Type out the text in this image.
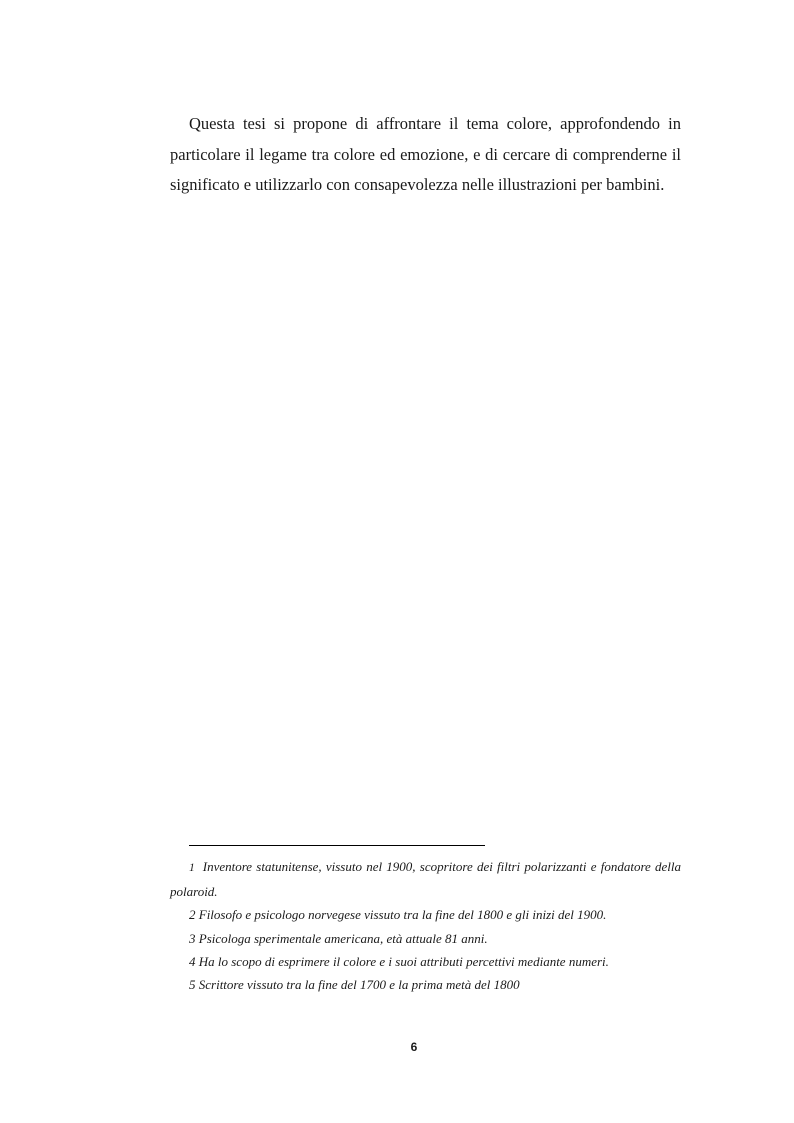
Questa tesi si propone di affrontare il tema colore, approfondendo in particolare il legame tra colore ed emozione, e di cercare di comprenderne il significato e utilizzarlo con consapevolezza nelle illustrazioni per bambini.

1 Inventore statunitense, vissuto nel 1900, scopritore dei filtri polarizzanti e fondatore della polaroid.
2 Filosofo e psicologo norvegese vissuto tra la fine del 1800 e gli inizi del 1900.
3 Psicologa sperimentale americana, età attuale 81 anni.
4 Ha lo scopo di esprimere il colore e i suoi attributi percettivi mediante numeri.
5 Scrittore vissuto tra la fine del 1700 e la prima metà del 1800
6
